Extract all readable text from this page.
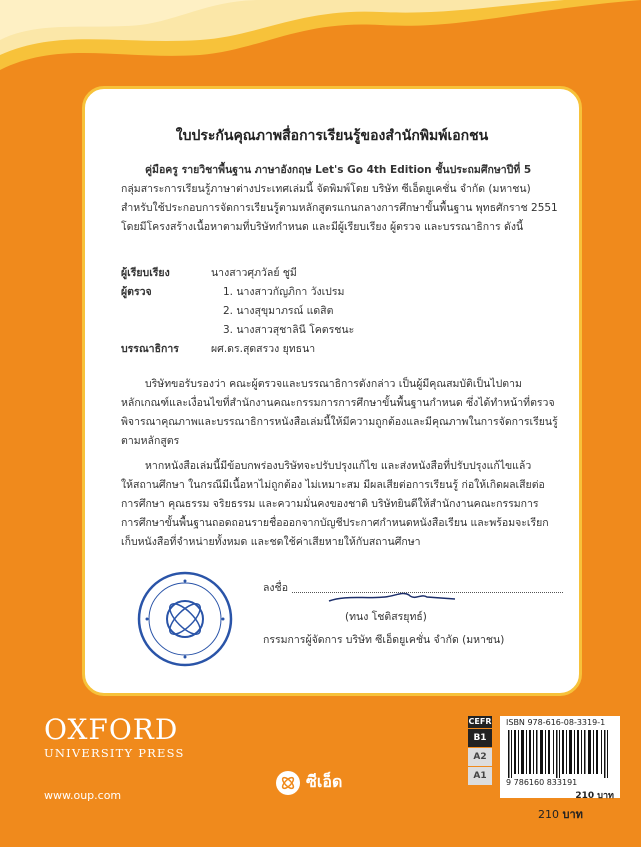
ใบประกันคุณภาพสื่อการเรียนรู้ของสำนักพิมพ์เอกชน

คู่มือครู รายวิชาพื้นฐาน ภาษาอังกฤษ Let's Go 4th Edition ชั้นประถมศึกษาปีที่ 5

กลุ่มสาระการเรียนรู้ภาษาต่างประเทศเล่มนี้ จัดพิมพ์โดย บริษัท ซีเอ็ดยูเคชั่น จำกัด (มหาชน)

สำหรับใช้ประกอบการจัดการเรียนรู้ตามหลักสูตรแกนกลางการศึกษาขั้นพื้นฐาน พุทธศักราช 2551

โดยมีโครงสร้างเนื้อหาตามที่บริษัทกำหนด และมีผู้เรียบเรียง ผู้ตรวจ และบรรณาธิการ ดังนี้

ผู้เรียบเรียง	นางสาวศุภวัลย์ ชูมี
ผู้ตรวจ	1. นางสาวกัญภิกา วังเปรม
2. นางสุขุมาภรณ์ แดสิต
3. นางสาวสุชาลินี โคตรชนะ
บรรณาธิการ	ผศ.ดร.สุดสรวง ยุทธนา

บริษัทขอรับรองว่า คณะผู้ตรวจและบรรณาธิการดังกล่าว เป็นผู้มีคุณสมบัติเป็นไปตาม

หลักเกณฑ์และเงื่อนไขที่สำนักงานคณะกรรมการการศึกษาขั้นพื้นฐานกำหนด ซึ่งได้ทำหน้าที่ตรวจ

พิจารณาคุณภาพและบรรณาธิการหนังสือเล่มนี้ให้มีความถูกต้องและมีคุณภาพในการจัดการเรียนรู้

ตามหลักสูตร

หากหนังสือเล่มนี้มีข้อบกพร่องบริษัทจะปรับปรุงแก้ไข และส่งหนังสือที่ปรับปรุงแก้ไขแล้ว

ให้สถานศึกษา ในกรณีมีเนื้อหาไม่ถูกต้อง ไม่เหมาะสม มีผลเสียต่อการเรียนรู้ ก่อให้เกิดผลเสียต่อ

การศึกษา คุณธรรม จริยธรรม และความมั่นคงของชาติ บริษัทยินดีให้สำนักงานคณะกรรมการ

การศึกษาขั้นพื้นฐานถอดถอนรายชื่อออกจากบัญชีประกาศกำหนดหนังสือเรียน และพร้อมจะเรียก

เก็บหนังสือที่จำหน่ายทั้งหมด และชดใช้ค่าเสียหายให้กับสถานศึกษา

ลงชื่อ
(ทนง โชติสรยุทธ์)
กรรมการผู้จัดการ บริษัท ซีเอ็ดยูเคชั่น จำกัด (มหาชน)
OXFORD
UNIVERSITY PRESS
www.oup.com
ซีเอ็ด
CEFR
B1
A2
A1
ISBN 978-616-08-3319-1
9 786160 833191
210 บาท
210 บาท
